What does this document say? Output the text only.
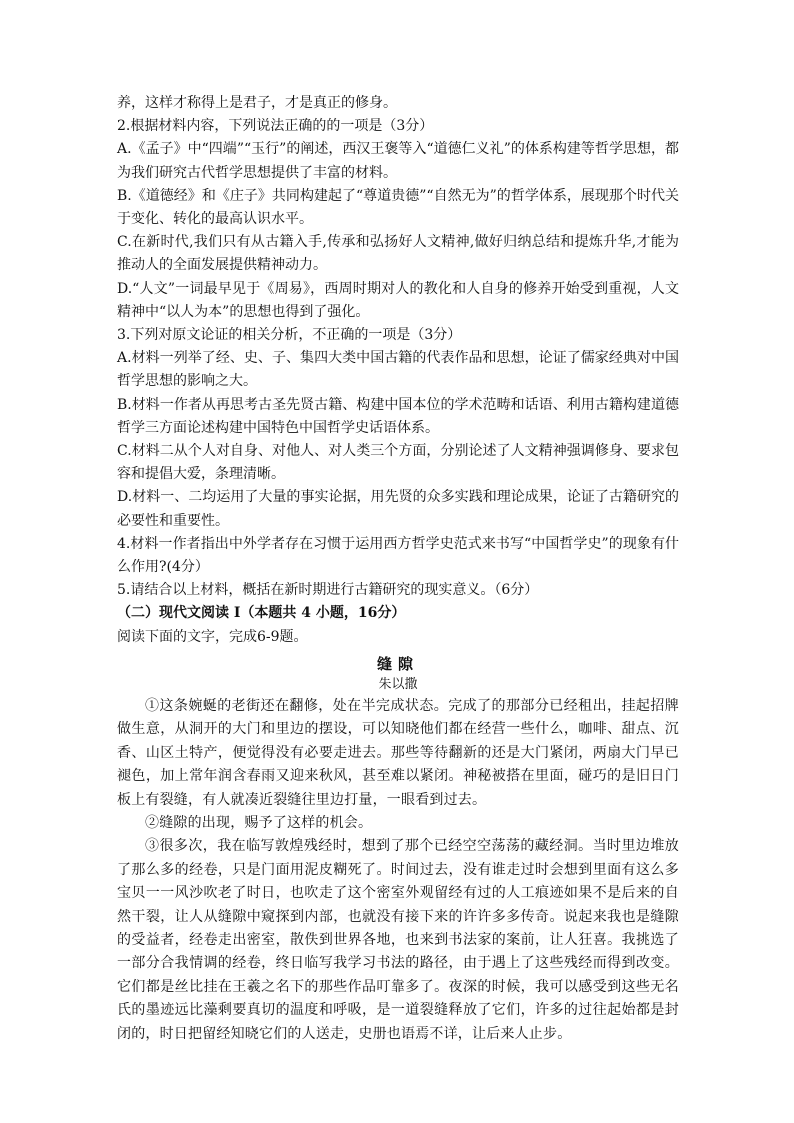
养，这样才称得上是君子，才是真正的修身。

2.根据材料内容，下列说法正确的的一项是（3分）

A.《孟子》中“四端”“玉行”的阐述，西汉王褒等入“道德仁义礼”的体系构建等哲学思想，都为我们研究古代哲学思想提供了丰富的材料。

B.《道德经》和《庄子》共同构建起了“尊道贵德”“自然无为”的哲学体系，展现那个时代关于变化、转化的最高认识水平。

C.在新时代,我们只有从古籍入手,传承和弘扬好人文精神,做好归纳总结和提炼升华,才能为推动人的全面发展提供精神动力。

D.“人文”一词最早见于《周易》，西周时期对人的教化和人自身的修养开始受到重视，人文精神中“以人为本”的思想也得到了强化。

3.下列对原文论证的相关分析，不正确的一项是（3分）

A.材料一列举了经、史、子、集四大类中国古籍的代表作品和思想，论证了儒家经典对中国哲学思想的影响之大。

B.材料一作者从再思考古圣先贤古籍、构建中国本位的学术范畴和话语、利用古籍构建道德哲学三方面论述构建中国特色中国哲学史话语体系。

C.材料二从个人对自身、对他人、对人类三个方面，分别论述了人文精神强调修身、要求包容和提倡大爱，条理清晰。

D.材料一、二均运用了大量的事实论据，用先贤的众多实践和理论成果，论证了古籍研究的必要性和重要性。

4.材料一作者指出中外学者存在习惯于运用西方哲学史范式来书写“中国哲学史”的现象有什么作用?(4分）

5.请结合以上材料，概括在新时期进行古籍研究的现实意义。（6分）

（二）现代文阅读 I（本题共 4 小题，16分）

阅读下面的文字，完成6-9题。

缝隙

朱以撒

①这条婉蜒的老街还在翻修，处在半完成状态。完成了的那部分已经租出，挂起招牌做生意，从洞开的大门和里边的摆设，可以知晓他们都在经营一些什么，咖啡、甜点、沉香、山区土特产，便觉得没有必要走进去。那些等待翻新的还是大门紧闭，两扇大门早已褪色，加上常年润含春雨又迎来秋风，甚至难以紧闭。神秘被搭在里面，碰巧的是旧日门板上有裂缝，有人就凑近裂缝往里边打量，一眼看到过去。

②缝隙的出现，赐予了这样的机会。

③很多次，我在临写敦煌残经时，想到了那个已经空空荡荡的藏经洞。当时里边堆放了那么多的经卷，只是门面用泥皮糊死了。时间过去，没有谁走过时会想到里面有这么多宝贝一一风沙吹老了时日，也吹走了这个密室外观留经有过的人工痕迹如果不是后来的自然干裂，让人从缝隙中窥探到内部，也就没有接下来的许许多多传奇。说起来我也是缝隙的受益者，经卷走出密室，散佚到世界各地，也来到书法家的案前，让人狂喜。我挑选了一部分合我情调的经卷，终日临写我学习书法的路径，由于遇上了这些残经而得到改变。它们都是丝比挂在王羲之名下的那些作品叮靠多了。夜深的时候，我可以感受到这些无名氏的墨迹远比藻剩要真切的温度和呼吸，是一道裂缝释放了它们，许多的过往起始都是封闭的，时日把留经知晓它们的人送走，史册也语焉不详，让后来人止步。
